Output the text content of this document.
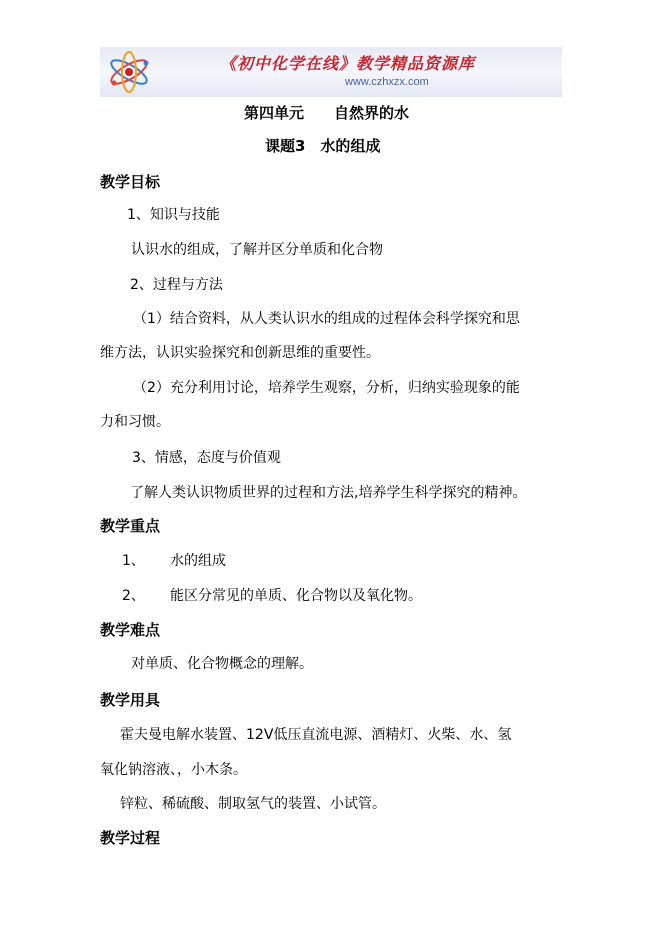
《初中化学在线》教学精品资源库
www.czhxzx.com
第四单元　　自然界的水
课题3　水的组成
教学目标
1、知识与技能
认识水的组成，了解并区分单质和化合物
2、过程与方法
（1）结合资料，从人类认识水的组成的过程体会科学探究和思
维方法，认识实验探究和创新思维的重要性。
（2）充分利用讨论，培养学生观察，分析，归纳实验现象的能
力和习惯。
3、情感，态度与价值观
了解人类认识物质世界的过程和方法,培养学生科学探究的精神。
教学重点
1、 水的组成
2、 能区分常见的单质、化合物以及氧化物。
教学难点
对单质、化合物概念的理解。
教学用具
霍夫曼电解水装置、12V低压直流电源、酒精灯、火柴、水、氢
氧化钠溶液、，小木条。
锌粒、稀硫酸、制取氢气的装置、小试管。
教学过程
